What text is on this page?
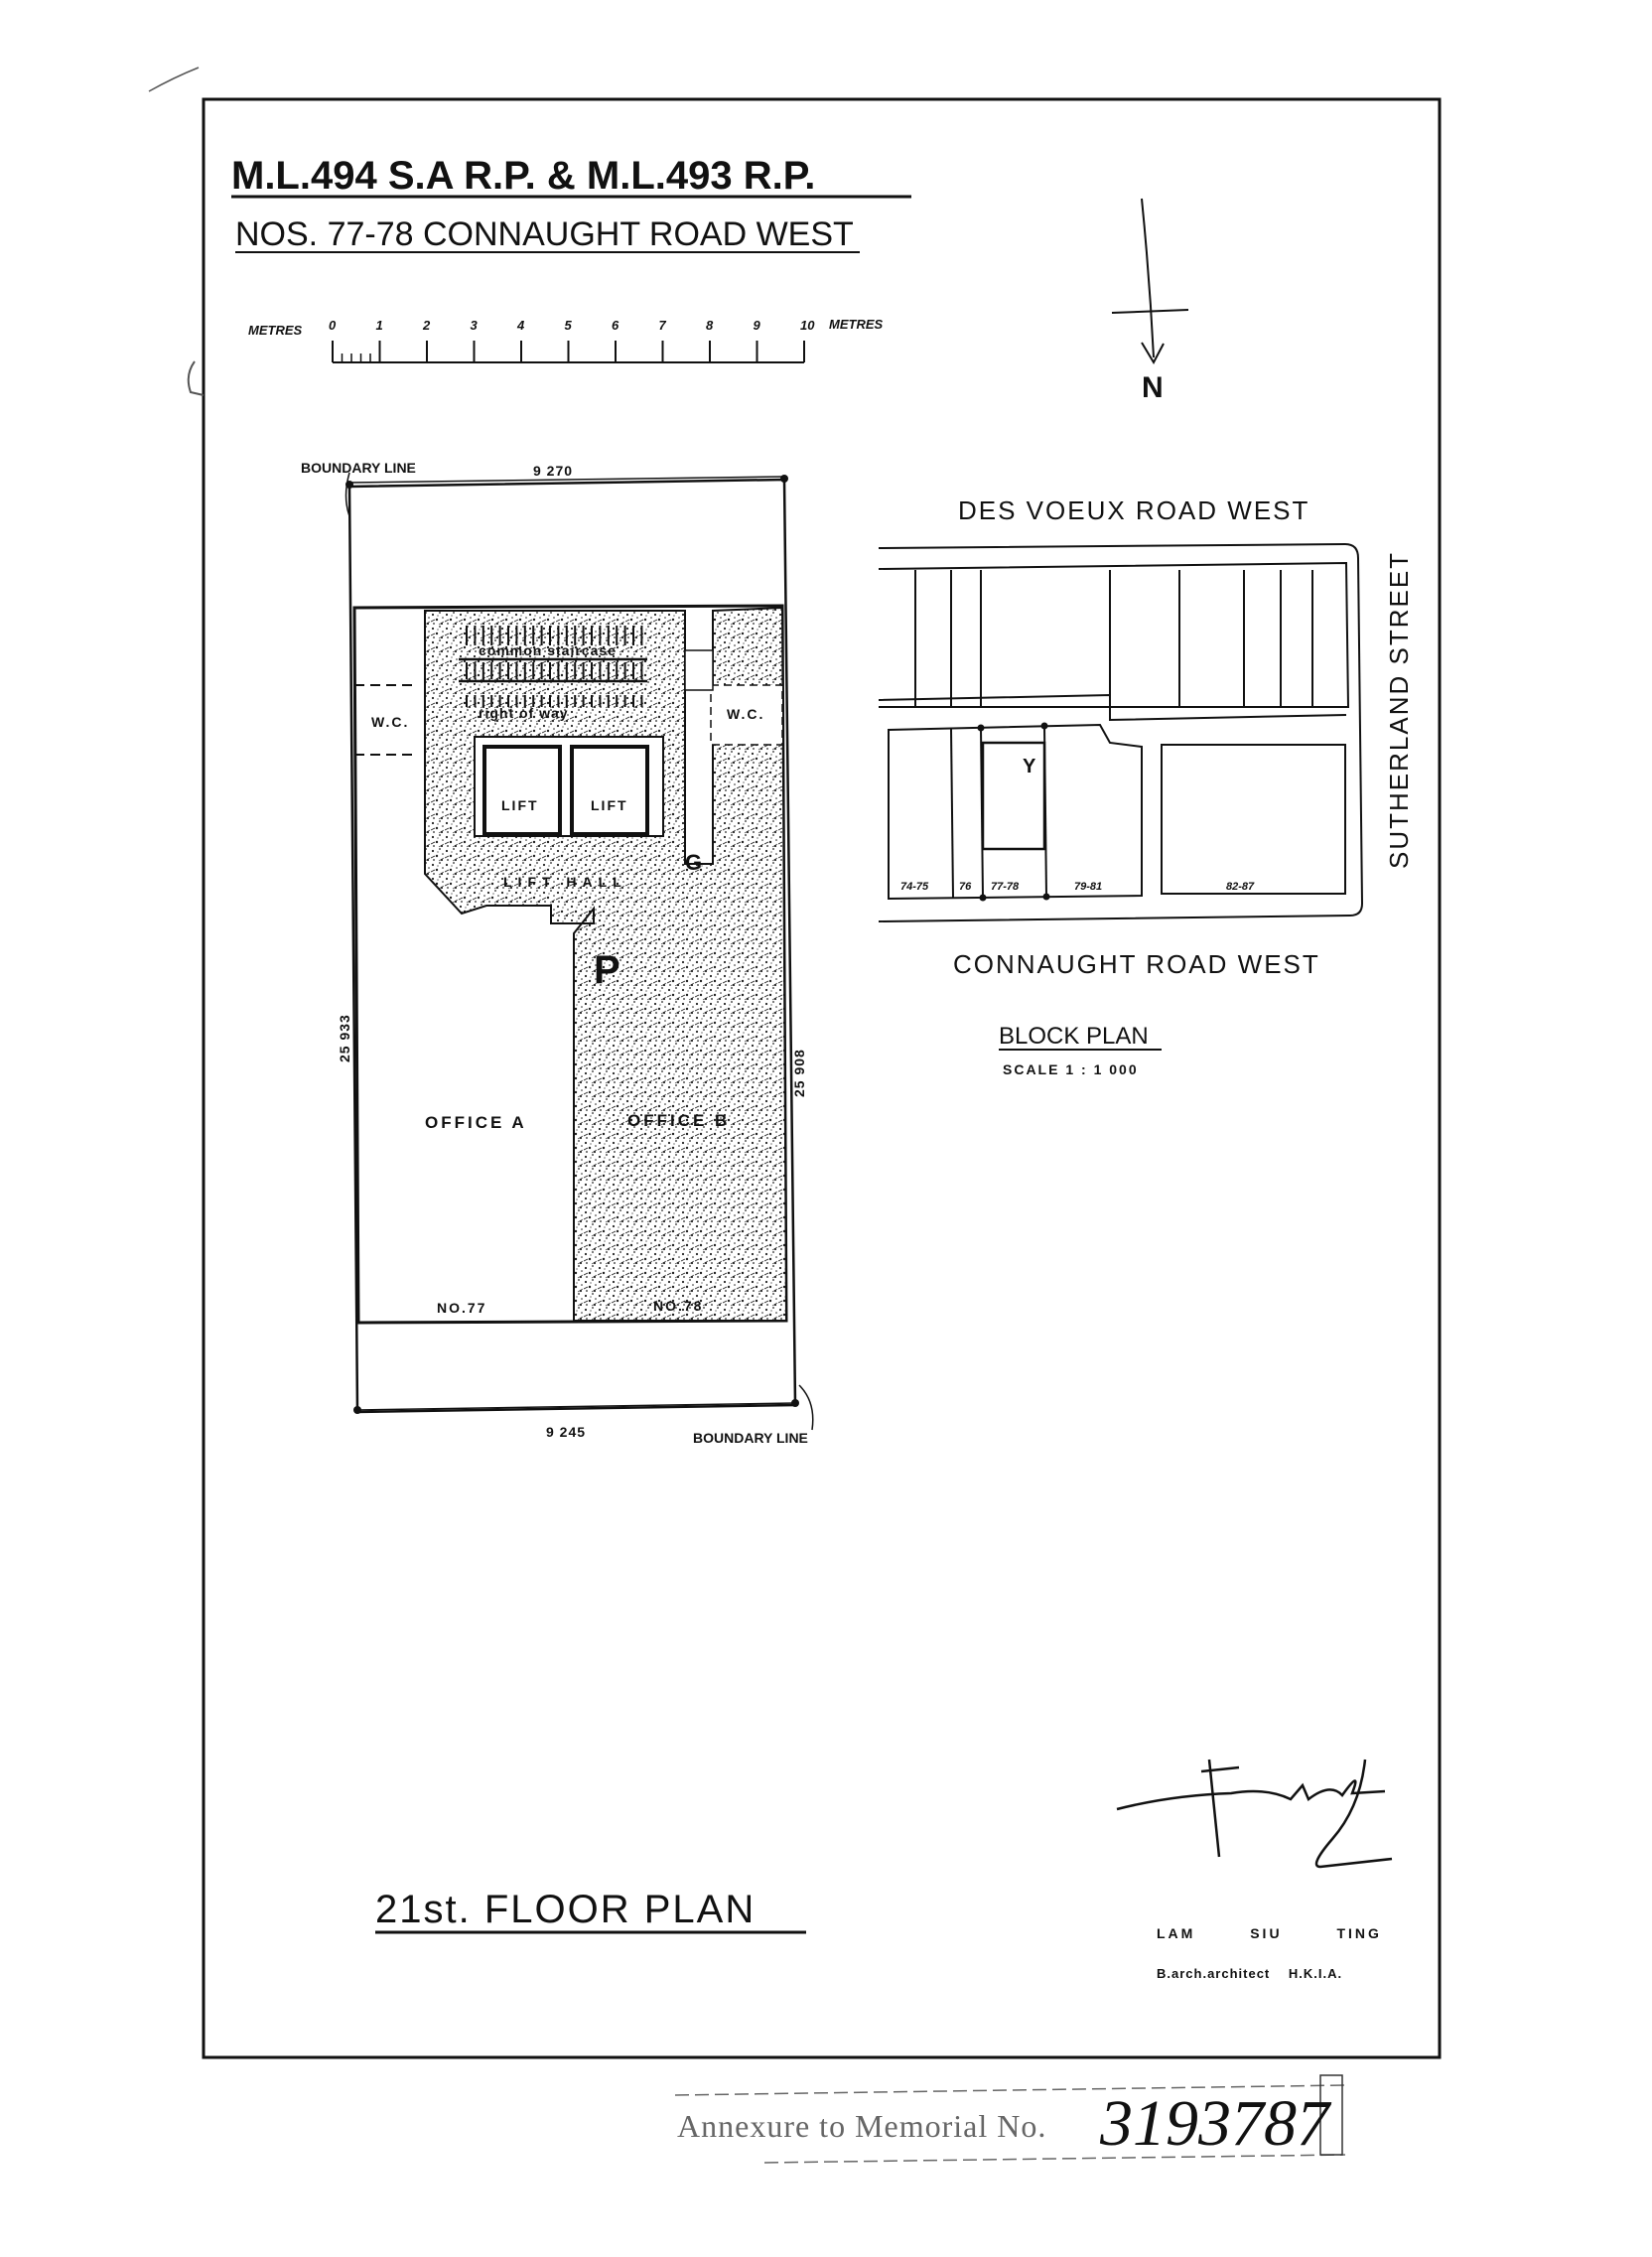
M.L.494 S.A R.P. & M.L.493 R.P.
NOS. 77-78 CONNAUGHT ROAD WEST
METRES	METRES
0	1	2	3	4	5	6	7	8	9	10
N
LIFT	LIFT
common staircase
right of way
W.C.	W.C.
LIFT HALL
G
P
OFFICE A	OFFICE B
NO.77	NO.78
9 270
9 245
25 933
25 908
BOUNDARY LINE
BOUNDARY LINE
21st. FLOOR PLAN
DES VOEUX ROAD WEST
CONNAUGHT ROAD WEST
SUTHERLAND STREET
Y
74-75	76 77-78	79-81	82-87
BLOCK PLAN
SCALE 1 : 1 000
LAM SIU TING
B.arch.architect H.K.I.A.
Annexure to Memorial No. 3193787
